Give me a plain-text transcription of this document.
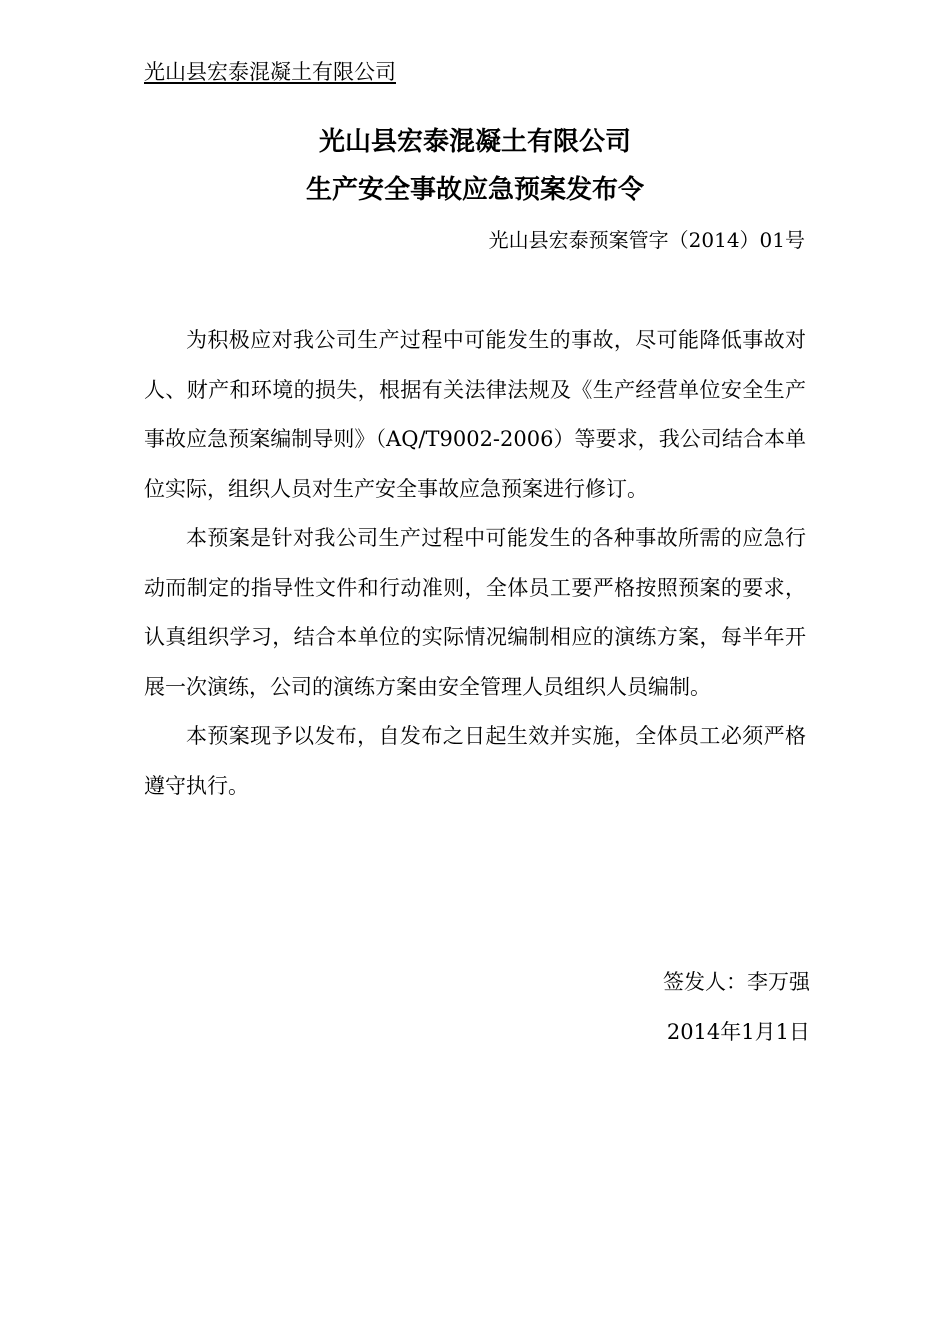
光山县宏泰混凝土有限公司
光山县宏泰混凝土有限公司
生产安全事故应急预案发布令
光山县宏泰预案管字（2014）01号

为积极应对我公司生产过程中可能发生的事故，尽可能降低事故对人、财产和环境的损失，根据有关法律法规及《生产经营单位安全生产事故应急预案编制导则》（AQ/T9002-2006）等要求，我公司结合本单位实际，组织人员对生产安全事故应急预案进行修订。

本预案是针对我公司生产过程中可能发生的各种事故所需的应急行动而制定的指导性文件和行动准则，全体员工要严格按照预案的要求，认真组织学习，结合本单位的实际情况编制相应的演练方案，每半年开展一次演练，公司的演练方案由安全管理人员组织人员编制。

本预案现予以发布，自发布之日起生效并实施，全体员工必须严格遵守执行。

签发人：李万强
2014年1月1日
